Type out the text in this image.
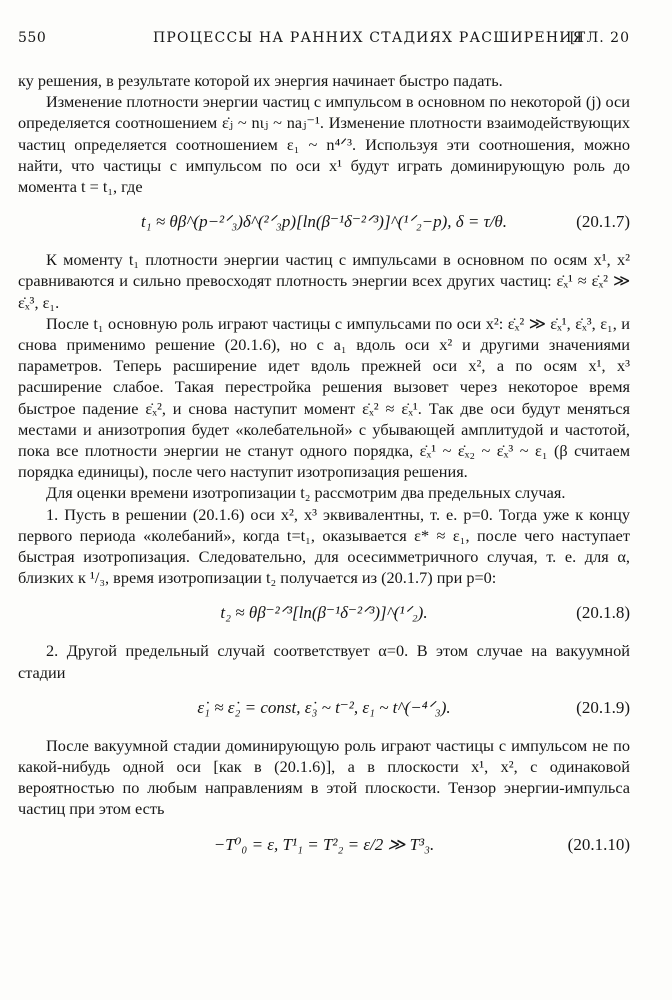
550	ПРОЦЕССЫ НА РАННИХ СТАДИЯХ РАСШИРЕНИЯ
[ГЛ. 20

ку решения, в результате которой их энергия начинает быстро падать.

Изменение плотности энергии частиц с импульсом в основном по некоторой (j) оси определяется соотношением ε̇ⱼ ~ nιⱼ ~ naⱼ⁻¹. Изменение плотности взаимодействующих частиц определяется соотношением ε₁ ~ n⁴ᐟ³. Используя эти соотношения, можно найти, что частицы с импульсом по оси x¹ будут играть доминирующую роль до момента t = t₁, где

t₁ ≈ θβ^(p−²ᐟ₃)δ^(²ᐟ₃p)[ln(β⁻¹δ⁻²ᐟ³)]^(¹ᐟ₂−p), δ = τ/θ.	(20.1.7)

К моменту t₁ плотности энергии частиц с импульсами в основном по осям x¹, x² сравниваются и сильно превосходят плотность энергии всех других частиц: ε̇ₓ¹ ≈ ε̇ₓ² ≫ ε̇ₓ³, ε₁.

После t₁ основную роль играют частицы с импульсами по оси x²: ε̇ₓ² ≫ ε̇ₓ¹, ε̇ₓ³, ε₁, и снова применимо решение (20.1.6), но с a₁ вдоль оси x² и другими значениями параметров. Теперь расширение идет вдоль прежней оси x², а по осям x¹, x³ расширение слабое. Такая перестройка решения вызовет через некоторое время быстрое падение ε̇ₓ², и снова наступит момент ε̇ₓ² ≈ ε̇ₓ¹. Так две оси будут меняться местами и анизотропия будет «колебательной» с убывающей амплитудой и частотой, пока все плотности энергии не станут одного порядка, ε̇ₓ¹ ~ ε̇ₓ₂ ~ ε̇ₓ³ ~ ε₁ (β считаем порядка единицы), после чего наступит изотропизация решения.

Для оценки времени изотропизации t₂ рассмотрим два предельных случая.

1. Пусть в решении (20.1.6) оси x², x³ эквивалентны, т. е. p=0. Тогда уже к концу первого периода «колебаний», когда t=t₁, оказывается ε* ≈ ε₁, после чего наступает быстрая изотропизация. Следовательно, для осесимметричного случая, т. е. для α, близких к ¹/₃, время изотропизации t₂ получается из (20.1.7) при p=0:

t₂ ≈ θβ⁻²ᐟ³[ln(β⁻¹δ⁻²ᐟ³)]^(¹ᐟ₂).	(20.1.8)

2. Другой предельный случай соответствует α=0. В этом случае на вакуумной стадии

ε̇₁ ≈ ε̇₂ = const, ε̇₃ ~ t⁻², ε₁ ~ t^(−⁴ᐟ₃).	(20.1.9)

После вакуумной стадии доминирующую роль играют частицы с импульсом не по какой-нибудь одной оси [как в (20.1.6)], а в плоскости x¹, x², с одинаковой вероятностью по любым направлениям в этой плоскости. Тензор энергии-импульса частиц при этом есть

−T⁰₀ = ε, T¹₁ = T²₂ = ε/2 ≫ T³₃.	(20.1.10)
